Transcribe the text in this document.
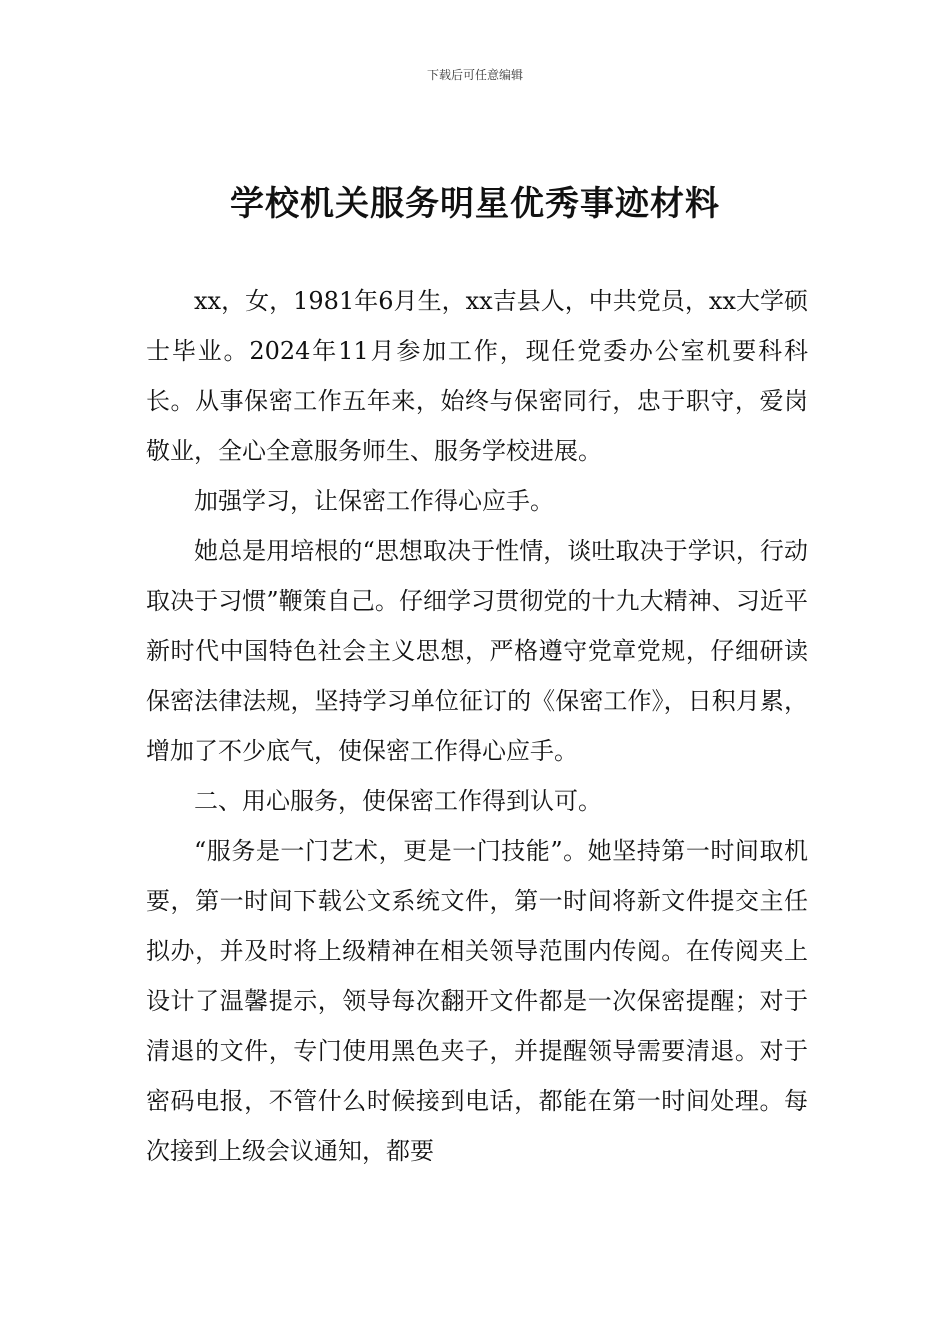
下载后可任意编辑
学校机关服务明星优秀事迹材料

xx，女，1981年6月生，xx吉县人，中共党员，xx大学硕士毕业。2024年11月参加工作，现任党委办公室机要科科长。从事保密工作五年来，始终与保密同行，忠于职守，爱岗敬业，全心全意服务师生、服务学校进展。

加强学习，让保密工作得心应手。

她总是用培根的“思想取决于性情，谈吐取决于学识，行动取决于习惯”鞭策自己。仔细学习贯彻党的十九大精神、习近平新时代中国特色社会主义思想，严格遵守党章党规，仔细研读保密法律法规，坚持学习单位征订的《保密工作》，日积月累，增加了不少底气，使保密工作得心应手。

二、用心服务，使保密工作得到认可。

“服务是一门艺术，更是一门技能”。她坚持第一时间取机要，第一时间下载公文系统文件，第一时间将新文件提交主任拟办，并及时将上级精神在相关领导范围内传阅。在传阅夹上设计了温馨提示，领导每次翻开文件都是一次保密提醒；对于清退的文件，专门使用黑色夹子，并提醒领导需要清退。对于密码电报，不管什么时候接到电话，都能在第一时间处理。每次接到上级会议通知，都要
